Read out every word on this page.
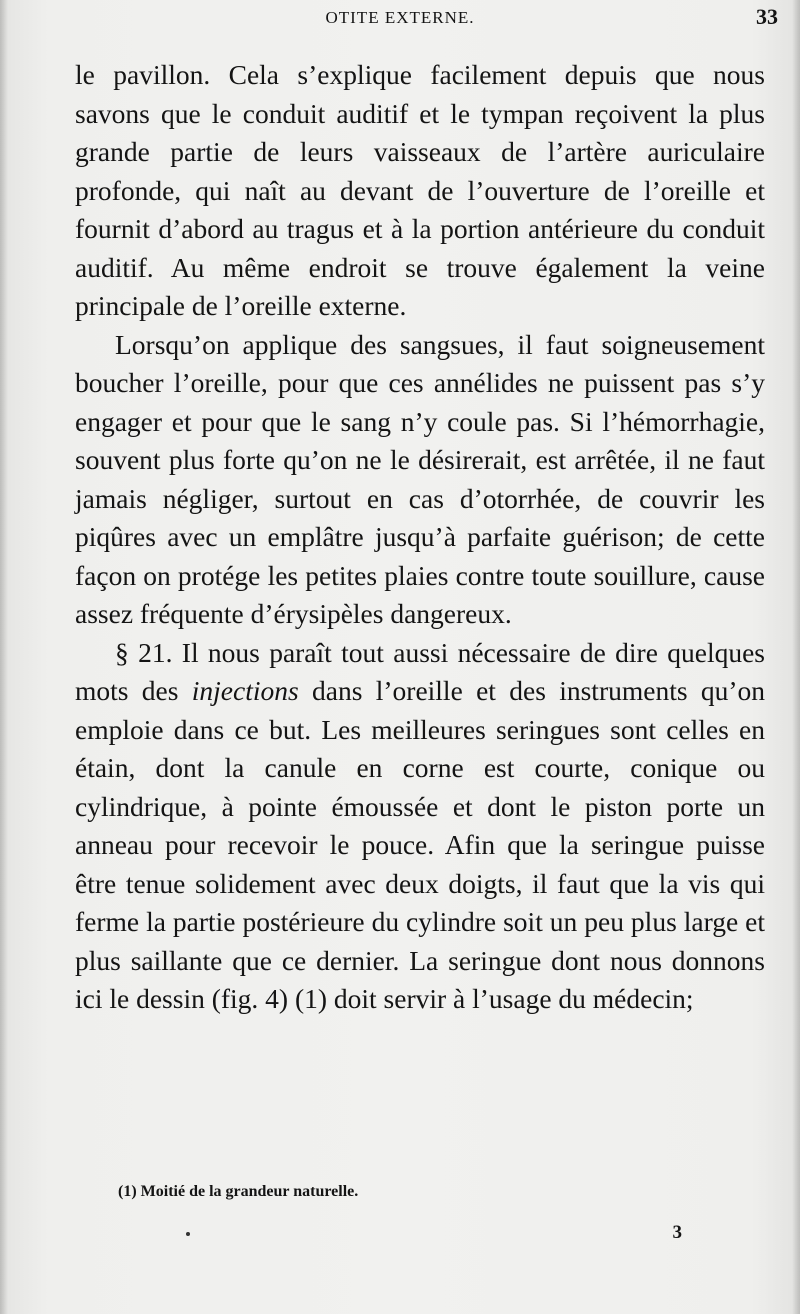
OTITE EXTERNE.	33

le pavillon. Cela s’explique facilement depuis que nous savons que le conduit auditif et le tympan reçoivent la plus grande partie de leurs vaisseaux de l’artère auriculaire profonde, qui naît au devant de l’ouverture de l’oreille et fournit d’abord au tragus et à la portion antérieure du conduit auditif. Au même endroit se trouve également la veine principale de l’oreille externe.

Lorsqu’on applique des sangsues, il faut soigneusement boucher l’oreille, pour que ces annélides ne puissent pas s’y engager et pour que le sang n’y coule pas. Si l’hémorrhagie, souvent plus forte qu’on ne le désirerait, est arrêtée, il ne faut jamais négliger, surtout en cas d’otorrhée, de couvrir les piqûres avec un emplâtre jusqu’à parfaite guérison; de cette façon on protége les petites plaies contre toute souillure, cause assez fréquente d’érysipèles dangereux.

§ 21. Il nous paraît tout aussi nécessaire de dire quelques mots des injections dans l’oreille et des instruments qu’on emploie dans ce but. Les meilleures seringues sont celles en étain, dont la canule en corne est courte, conique ou cylindrique, à pointe émoussée et dont le piston porte un anneau pour recevoir le pouce. Afin que la seringue puisse être tenue solidement avec deux doigts, il faut que la vis qui ferme la partie postérieure du cylindre soit un peu plus large et plus saillante que ce dernier. La seringue dont nous donnons ici le dessin (fig. 4) (1) doit servir à l’usage du médecin;

(1) Moitié de la grandeur naturelle.
3
